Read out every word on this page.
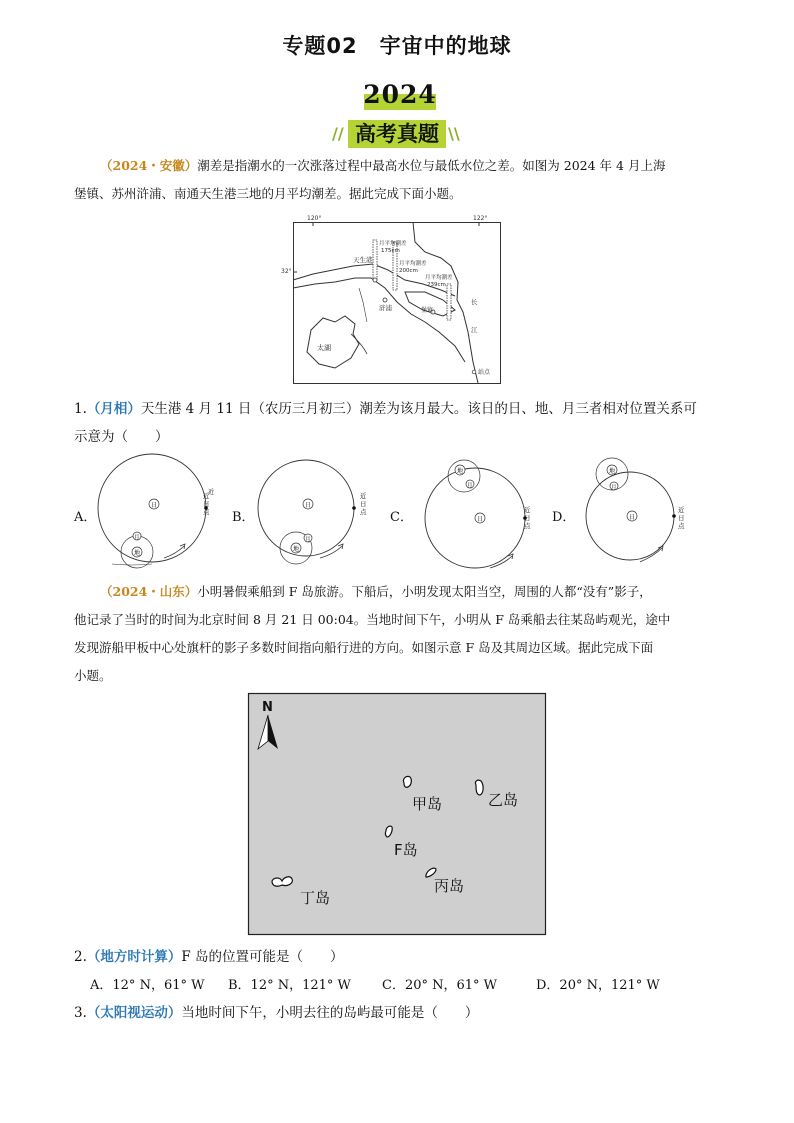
专题02　宇宙中的地球
2024
//	\\
高考真题
（2024・安徽）潮差是指潮水的一次涨落过程中最高水位与最低水位之差。如图为 2024 年 4 月上海
堡镇、苏州浒浦、南通天生港三地的月平均潮差。据此完成下面小题。
120°	122°
32°
天生港
浒浦	堡镇
月平均潮差
175cm
月平均潮差
200cm
月平均潮差
239cm
太湖
长
江
站点
1.（月相）天生港 4 月 11 日（农历三月初三）潮差为该月最大。该日的日、地、月三者相对位置关系可
示意为（　　）
A．
日
地
月
近
近
日
点 B．
日
地
月
近
日
点 C．	日
地
月
近
日
点
D．	日
地
月
近
日
点
（2024・山东）小明暑假乘船到 F 岛旅游。下船后，小明发现太阳当空，周围的人都“没有”影子，
他记录了当时的时间为北京时间 8 月 21 日 00:04。当地时间下午，小明从 F 岛乘船去往某岛屿观光，途中
发现游船甲板中心处旗杆的影子多数时间指向船行进的方向。如图示意 F 岛及其周边区域。据此完成下面
小题。
N
甲岛	乙岛
F岛
丙岛
丁岛
2.（地方时计算）F 岛的位置可能是（　　）
A．12° N，61° W B．12° N，121° W C．20° N，61° W	D．20° N，121° W
3.（太阳视运动）当地时间下午，小明去往的岛屿最可能是（　　）
